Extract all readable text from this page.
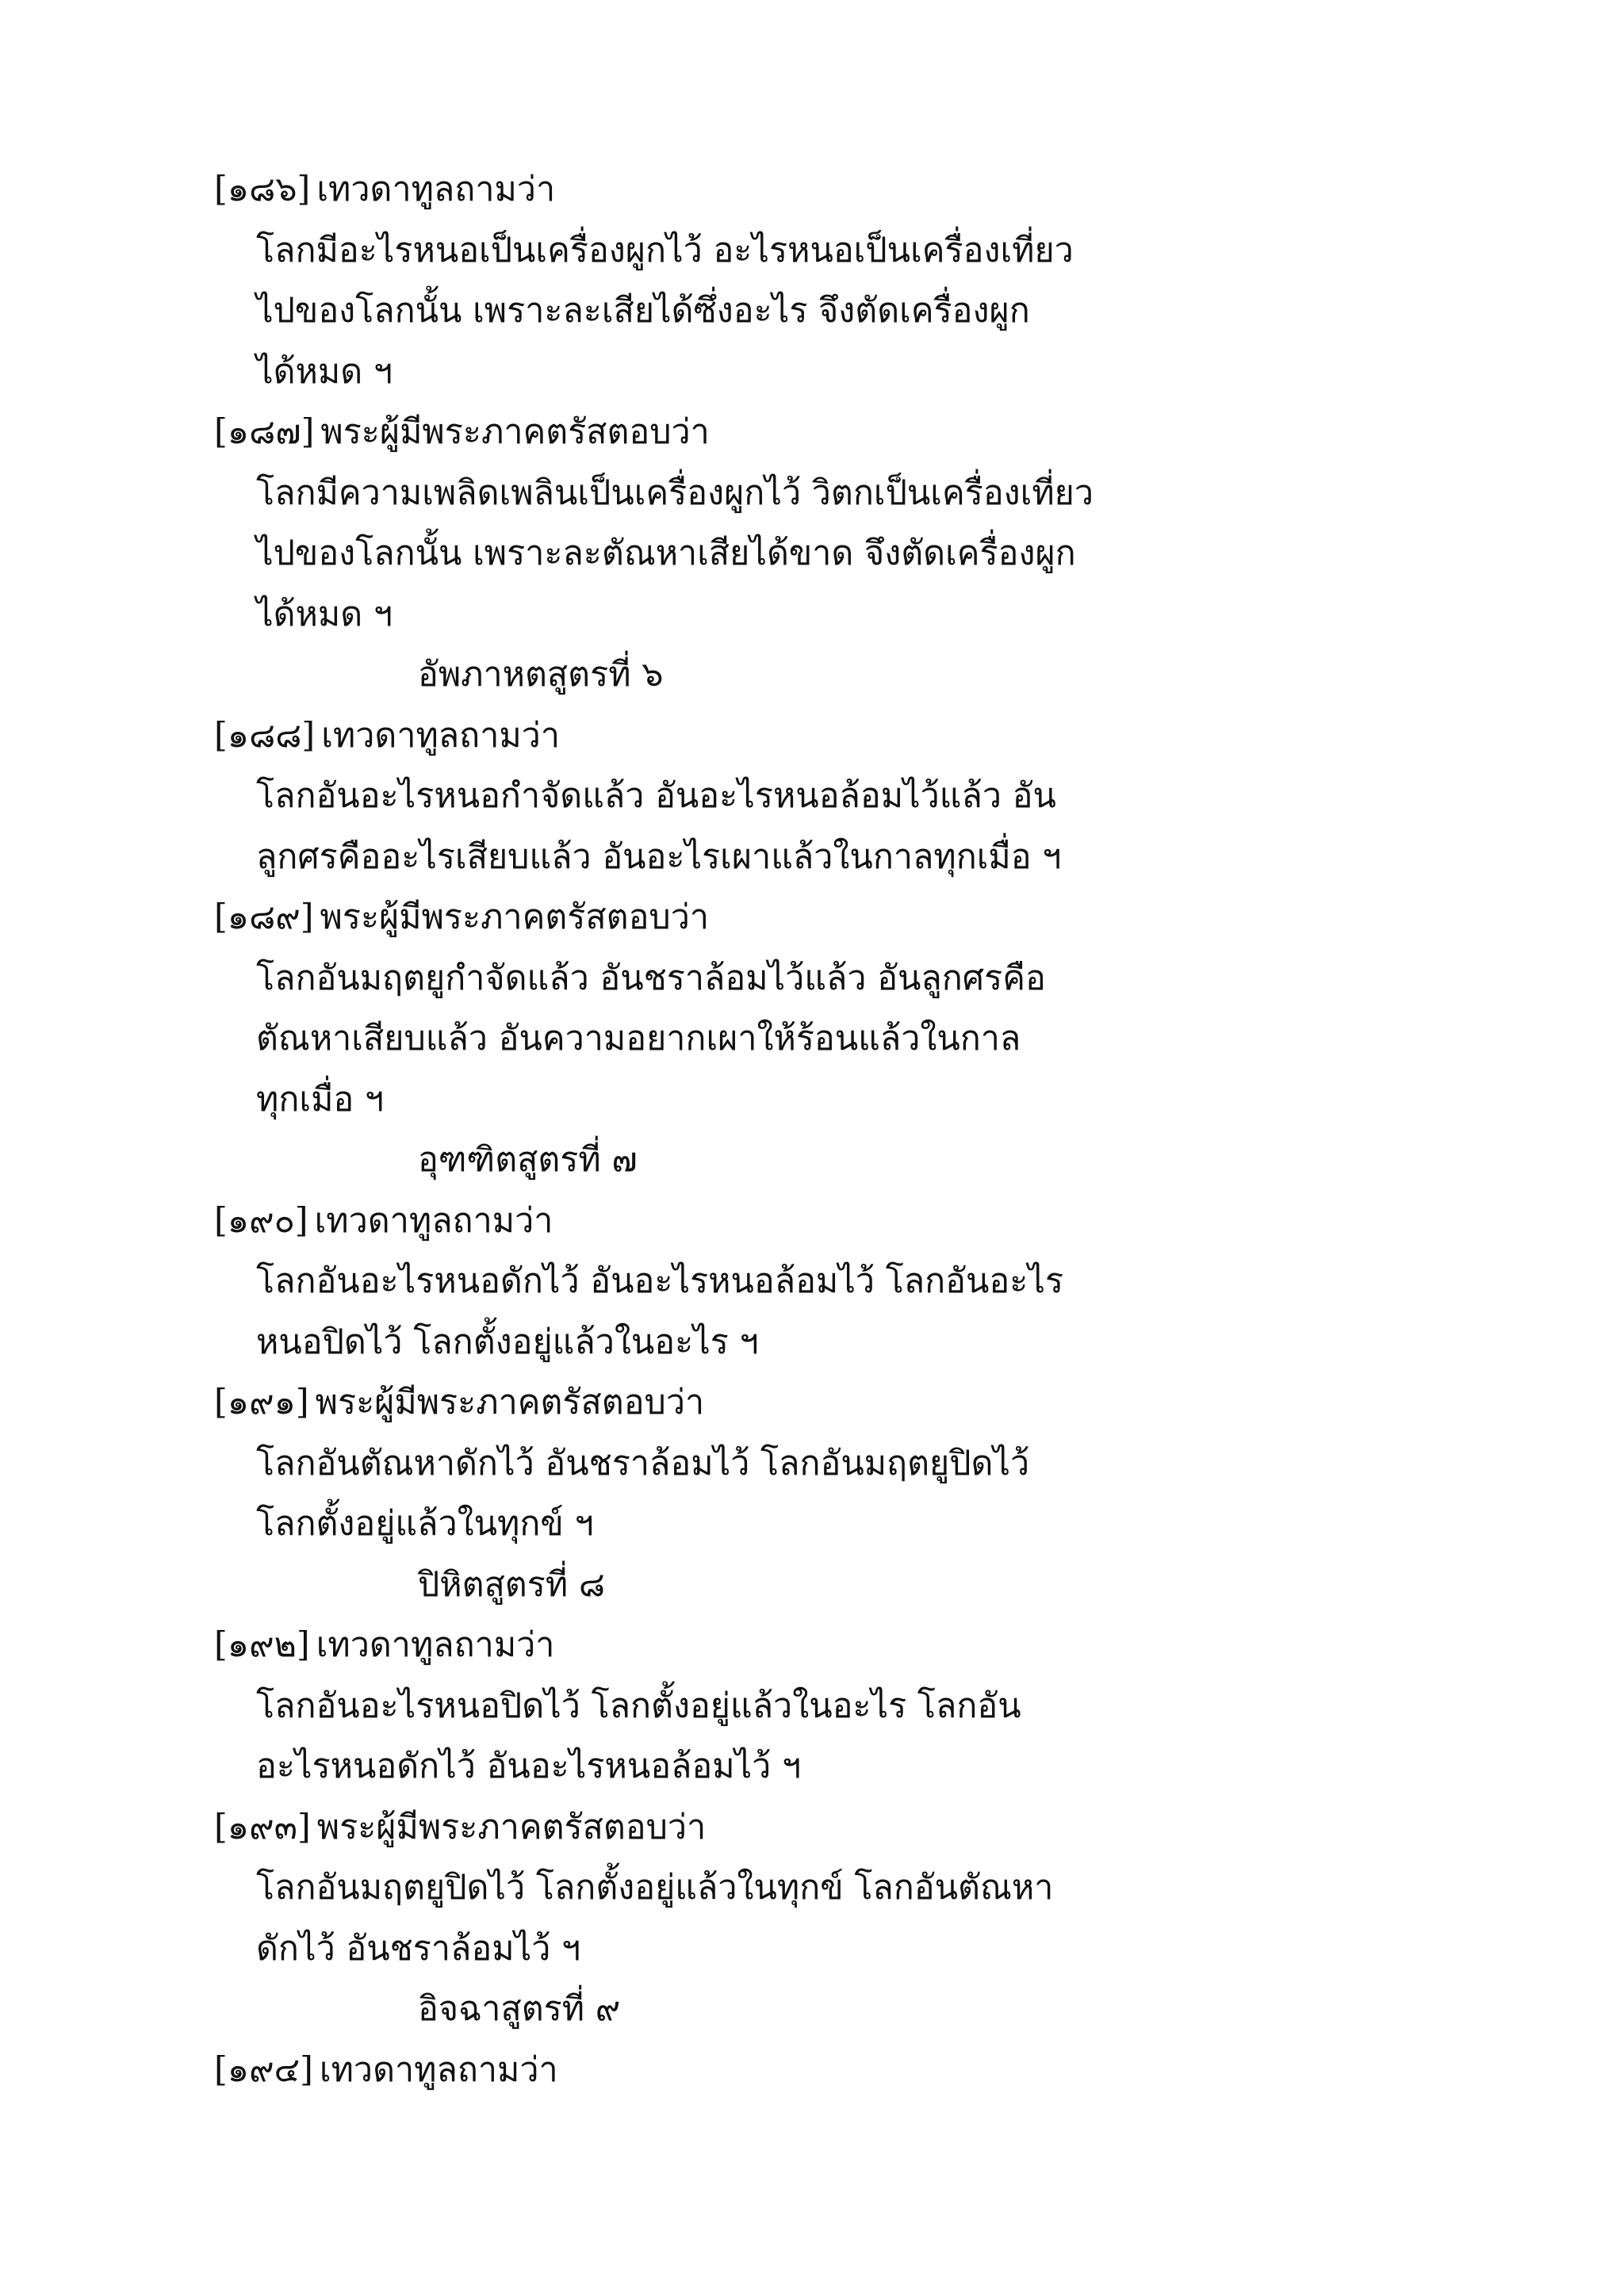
[๑๘๖] เทวดาทูลถามว่า
โลกมีอะไรหนอเป็นเครื่องผูกไว้ อะไรหนอเป็นเครื่องเที่ยว
ไปของโลกนั้น เพราะละเสียได้ซึ่งอะไร จึงตัดเครื่องผูก
ได้หมด ฯ
[๑๘๗] พระผู้มีพระภาคตรัสตอบว่า
โลกมีความเพลิดเพลินเป็นเครื่องผูกไว้ วิตกเป็นเครื่องเที่ยว
ไปของโลกนั้น เพราะละตัณหาเสียได้ขาด จึงตัดเครื่องผูก
ได้หมด ฯ
อัพภาหตสูตรที่ ๖
[๑๘๘] เทวดาทูลถามว่า
โลกอันอะไรหนอกำจัดแล้ว อันอะไรหนอล้อมไว้แล้ว อัน
ลูกศรคืออะไรเสียบแล้ว อันอะไรเผาแล้วในกาลทุกเมื่อ ฯ
[๑๘๙] พระผู้มีพระภาคตรัสตอบว่า
โลกอันมฤตยูกำจัดแล้ว อันชราล้อมไว้แล้ว อันลูกศรคือ
ตัณหาเสียบแล้ว อันความอยากเผาให้ร้อนแล้วในกาล
ทุกเมื่อ ฯ
อุฑฑิตสูตรที่ ๗
[๑๙๐] เทวดาทูลถามว่า
โลกอันอะไรหนอดักไว้ อันอะไรหนอล้อมไว้ โลกอันอะไร
หนอปิดไว้ โลกตั้งอยู่แล้วในอะไร ฯ
[๑๙๑] พระผู้มีพระภาคตรัสตอบว่า
โลกอันตัณหาดักไว้ อันชราล้อมไว้ โลกอันมฤตยูปิดไว้
โลกตั้งอยู่แล้วในทุกข์ ฯ
ปิหิตสูตรที่ ๘
[๑๙๒] เทวดาทูลถามว่า
โลกอันอะไรหนอปิดไว้ โลกตั้งอยู่แล้วในอะไร โลกอัน
อะไรหนอดักไว้ อันอะไรหนอล้อมไว้ ฯ
[๑๙๓] พระผู้มีพระภาคตรัสตอบว่า
โลกอันมฤตยูปิดไว้ โลกตั้งอยู่แล้วในทุกข์ โลกอันตัณหา
ดักไว้ อันชราล้อมไว้ ฯ
อิจฉาสูตรที่ ๙
[๑๙๔] เทวดาทูลถามว่า
